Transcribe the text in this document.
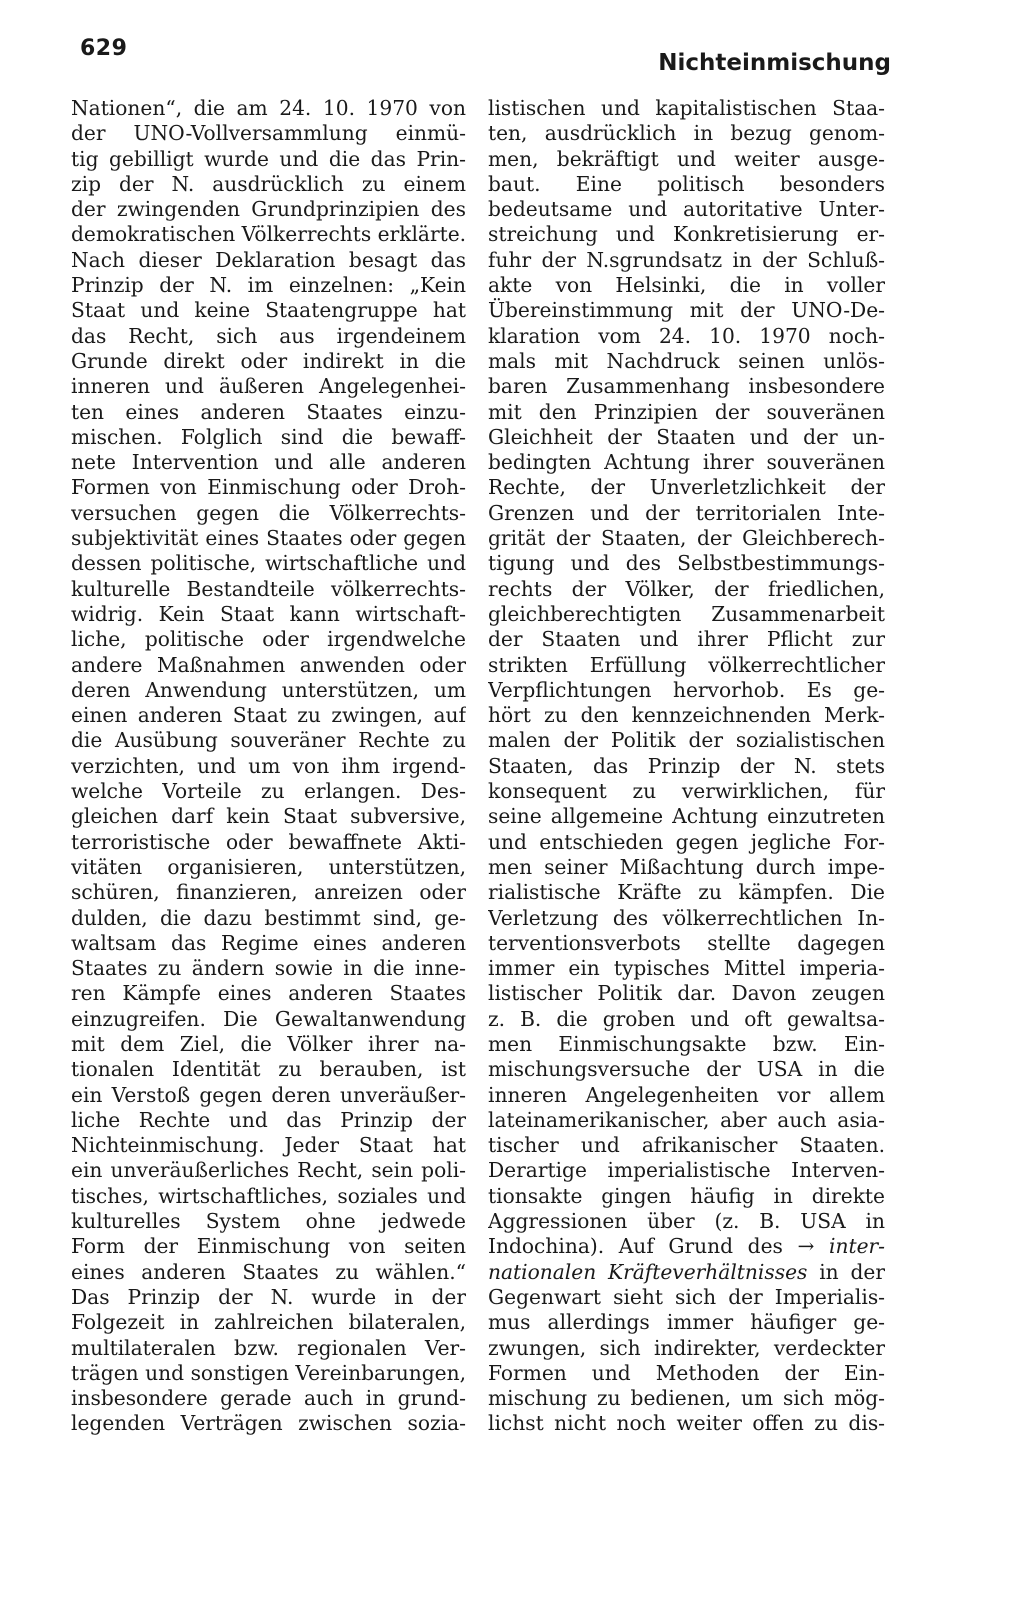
629
Nichteinmischung
Nationen“, die am 24. 10. 1970 von
der UNO-Vollversammlung einmü-
tig gebilligt wurde und die das Prin-
zip der N. ausdrücklich zu einem
der zwingenden Grundprinzipien des
demokratischen Völkerrechts erklärte.
Nach dieser Deklaration besagt das
Prinzip der N. im einzelnen: „Kein
Staat und keine Staatengruppe hat
das Recht, sich aus irgendeinem
Grunde direkt oder indirekt in die
inneren und äußeren Angelegenhei-
ten eines anderen Staates einzu-
mischen. Folglich sind die bewaff-
nete Intervention und alle anderen
Formen von Einmischung oder Droh-
versuchen gegen die Völkerrechts-
subjektivität eines Staates oder gegen
dessen politische, wirtschaftliche und
kulturelle Bestandteile völkerrechts-
widrig. Kein Staat kann wirtschaft-
liche, politische oder irgendwelche
andere Maßnahmen anwenden oder
deren Anwendung unterstützen, um
einen anderen Staat zu zwingen, auf
die Ausübung souveräner Rechte zu
verzichten, und um von ihm irgend-
welche Vorteile zu erlangen. Des-
gleichen darf kein Staat subversive,
terroristische oder bewaffnete Akti-
vitäten organisieren, unterstützen,
schüren, finanzieren, anreizen oder
dulden, die dazu bestimmt sind, ge-
waltsam das Regime eines anderen
Staates zu ändern sowie in die inne-
ren Kämpfe eines anderen Staates
einzugreifen. Die Gewaltanwendung
mit dem Ziel, die Völker ihrer na-
tionalen Identität zu berauben, ist
ein Verstoß gegen deren unveräußer-
liche Rechte und das Prinzip der
Nichteinmischung. Jeder Staat hat
ein unveräußerliches Recht, sein poli-
tisches, wirtschaftliches, soziales und
kulturelles System ohne jedwede
Form der Einmischung von seiten
eines anderen Staates zu wählen.“
Das Prinzip der N. wurde in der
Folgezeit in zahlreichen bilateralen,
multilateralen bzw. regionalen Ver-
trägen und sonstigen Vereinbarungen,
insbesondere gerade auch in grund-
legenden Verträgen zwischen sozia-
listischen und kapitalistischen Staa-
ten, ausdrücklich in bezug genom-
men, bekräftigt und weiter ausge-
baut. Eine politisch besonders
bedeutsame und autoritative Unter-
streichung und Konkretisierung er-
fuhr der N.sgrundsatz in der Schluß-
akte von Helsinki, die in voller
Übereinstimmung mit der UNO-De-
klaration vom 24. 10. 1970 noch-
mals mit Nachdruck seinen unlös-
baren Zusammenhang insbesondere
mit den Prinzipien der souveränen
Gleichheit der Staaten und der un-
bedingten Achtung ihrer souveränen
Rechte, der Unverletzlichkeit der
Grenzen und der territorialen Inte-
grität der Staaten, der Gleichberech-
tigung und des Selbstbestimmungs-
rechts der Völker, der friedlichen,
gleichberechtigten Zusammenarbeit
der Staaten und ihrer Pflicht zur
strikten Erfüllung völkerrechtlicher
Verpflichtungen hervorhob. Es ge-
hört zu den kennzeichnenden Merk-
malen der Politik der sozialistischen
Staaten, das Prinzip der N. stets
konsequent zu verwirklichen, für
seine allgemeine Achtung einzutreten
und entschieden gegen jegliche For-
men seiner Mißachtung durch impe-
rialistische Kräfte zu kämpfen. Die
Verletzung des völkerrechtlichen In-
terventionsverbots stellte dagegen
immer ein typisches Mittel imperia-
listischer Politik dar. Davon zeugen
z. B. die groben und oft gewaltsa-
men Einmischungsakte bzw. Ein-
mischungsversuche der USA in die
inneren Angelegenheiten vor allem
lateinamerikanischer, aber auch asia-
tischer und afrikanischer Staaten.
Derartige imperialistische Interven-
tionsakte gingen häufig in direkte
Aggressionen über (z. B. USA in
Indochina). Auf Grund des → inter-
nationalen Kräfteverhältnisses in der
Gegenwart sieht sich der Imperialis-
mus allerdings immer häufiger ge-
zwungen, sich indirekter, verdeckter
Formen und Methoden der Ein-
mischung zu bedienen, um sich mög-
lichst nicht noch weiter offen zu dis-
